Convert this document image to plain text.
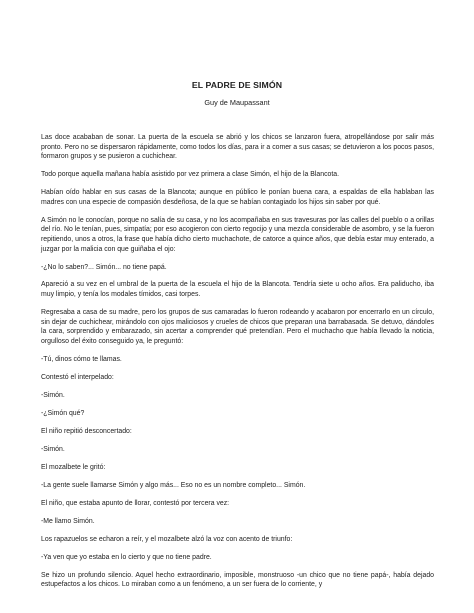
EL PADRE DE SIMÓN
Guy de Maupassant

Las doce acababan de sonar. La puerta de la escuela se abrió y los chicos se lanzaron fuera, atropellándose por salir más pronto. Pero no se dispersaron rápidamente, como todos los días, para ir a comer a sus casas; se detuvieron a los pocos pasos, formaron grupos y se pusieron a cuchichear.

Todo porque aquella mañana había asistido por vez primera a clase Simón, el hijo de la Blancota.

Habían oído hablar en sus casas de la Blancota; aunque en público le ponían buena cara, a espaldas de ella hablaban las madres con una especie de compasión desdeñosa, de la que se habían contagiado los hijos sin saber por qué.

A Simón no le conocían, porque no salía de su casa, y no los acompañaba en sus travesuras por las calles del pueblo o a orillas del río. No le tenían, pues, simpatía; por eso acogieron con cierto regocijo y una mezcla considerable de asombro, y se la fueron repitiendo, unos a otros, la frase que había dicho cierto muchachote, de catorce a quince años, que debía estar muy enterado, a juzgar por la malicia con que guiñaba el ojo:

-¿No lo saben?... Simón... no tiene papá.

Apareció a su vez en el umbral de la puerta de la escuela el hijo de la Blancota. Tendría siete u ocho años. Era paliducho, iba muy limpio, y tenía los modales tímidos, casi torpes.

Regresaba a casa de su madre, pero los grupos de sus camaradas lo fueron rodeando y acabaron por encerrarlo en un círculo, sin dejar de cuchichear, mirándolo con ojos maliciosos y crueles de chicos que preparan una barrabasada. Se detuvo, dándoles la cara, sorprendido y embarazado, sin acertar a comprender qué pretendían. Pero el muchacho que había llevado la noticia, orgulloso del éxito conseguido ya, le preguntó:

-Tú, dinos cómo te llamas.

Contestó el interpelado:

-Simón.

-¿Simón qué?

El niño repitió desconcertado:

-Simón.

El mozalbete le gritó:

-La gente suele llamarse Simón y algo más... Eso no es un nombre completo... Simón.

El niño, que estaba apunto de llorar, contestó por tercera vez:

-Me llamo Simón.

Los rapazuelos se echaron a reír, y el mozalbete alzó la voz con acento de triunfo:

-Ya ven que yo estaba en lo cierto y que no tiene padre.

Se hizo un profundo silencio. Aquel hecho extraordinario, imposible, monstruoso -un chico que no tiene papá-, había dejado estupefactos a los chicos. Lo miraban como a un fenómeno, a un ser fuera de lo corriente, y
